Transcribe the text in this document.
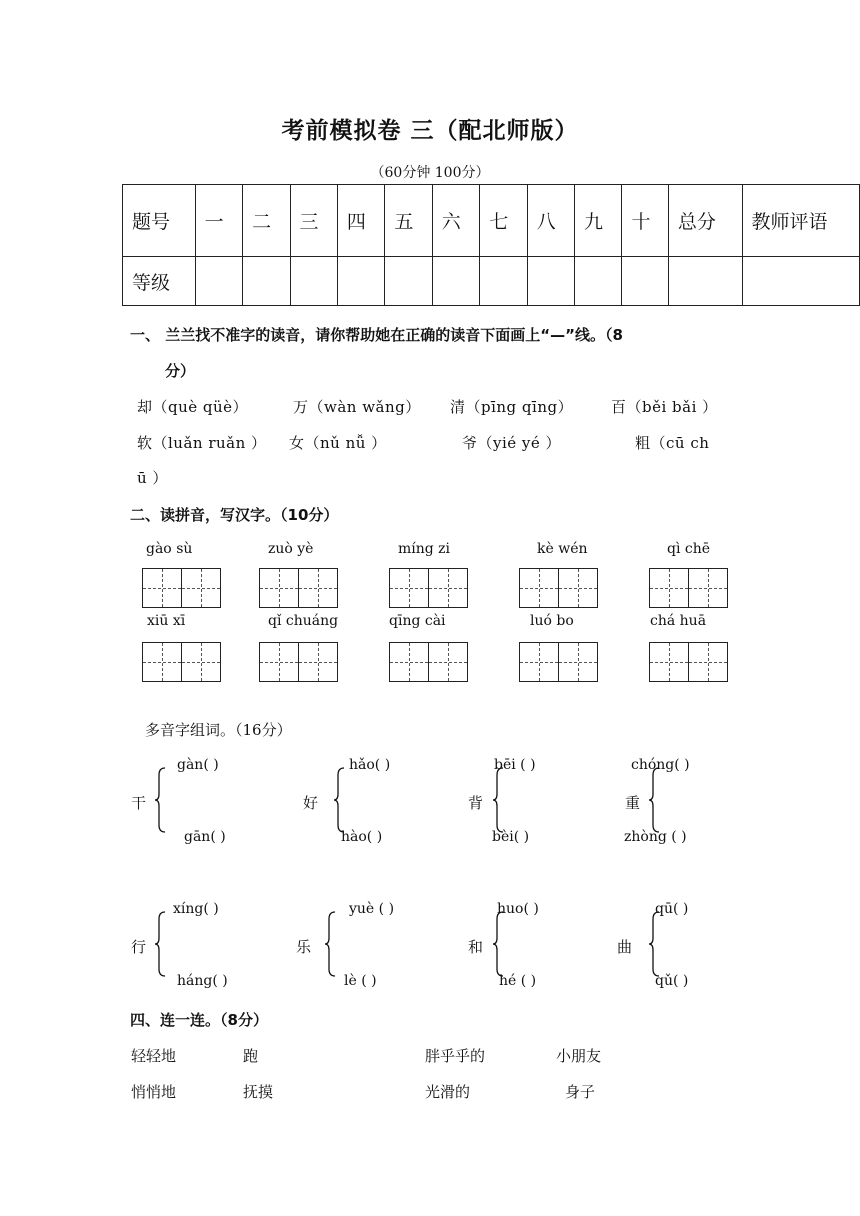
考前模拟卷 三（配北师版）
（60分钟 100分）
题号	一	二	三	四	五	六	七	八	九	十	总分	教师评语
等级												
一、 兰兰找不准字的读音，请你帮助她在正确的读音下面画上“—”线。（8
分）
却（què qüè）	万（wàn wǎng） 清（pīng qīng）	百（běi bǎi ）
软（luǎn ruǎn ） 女（nǔ nǚ ）	爷（yié yé ）	粗（cū ch
ū ）
二、读拼音，写汉字。（10分）
gào sù	zuò yè	míng zi	kè wén	qì chē
xiū xī	qǐ chuáng	qīng cài	luó bo	chá huā
多音字组词。（16分）
gàn( )
干
gān( )
hǎo( )
好
hào( )
bēi ( )
背
bèi( )
chóng( )
重
zhòng ( )
xíng( )
行
háng( )
yuè ( )
乐
lè ( )
huo( )
和
hé ( )
qū( )
曲
qǔ( )
四、连一连。（8分）
轻轻地	跑	胖乎乎的	小朋友
悄悄地	抚摸	光滑的	身子
